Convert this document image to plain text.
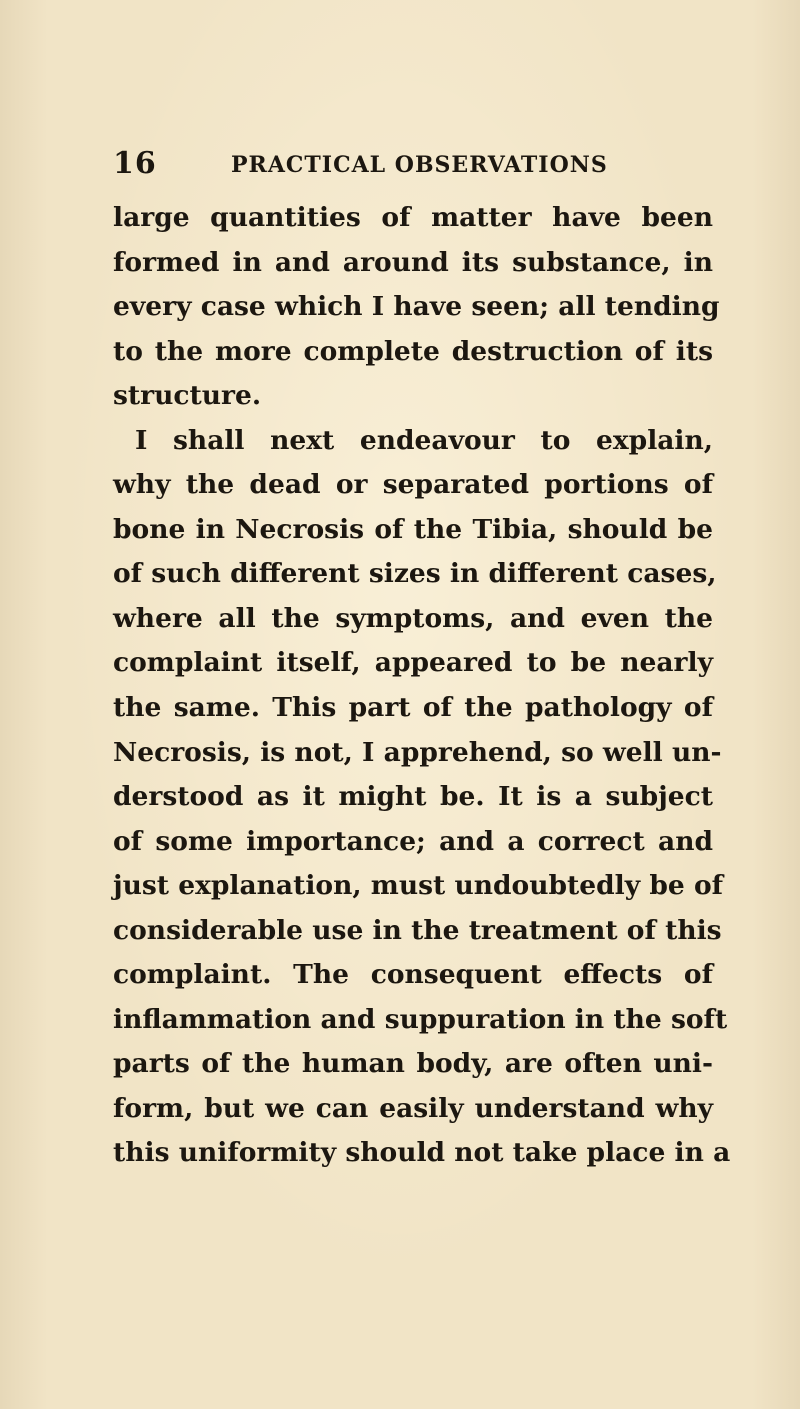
16	PRACTICAL OBSERVATIONS
large quantities of matter have been
formed in and around its substance, in
every case which I have seen; all tending
to the more complete destruction of its
structure.
I shall next endeavour to explain,
why the dead or separated portions of
bone in Necrosis of the Tibia, should be
of such different sizes in different cases,
where all the symptoms, and even the
complaint itself, appeared to be nearly
the same. This part of the pathology of
Necrosis, is not, I apprehend, so well un-
derstood as it might be. It is a subject
of some importance; and a correct and
just explanation, must undoubtedly be of
considerable use in the treatment of this
complaint. The consequent effects of
inflammation and suppuration in the soft
parts of the human body, are often uni-
form, but we can easily understand why
this uniformity should not take place in a
